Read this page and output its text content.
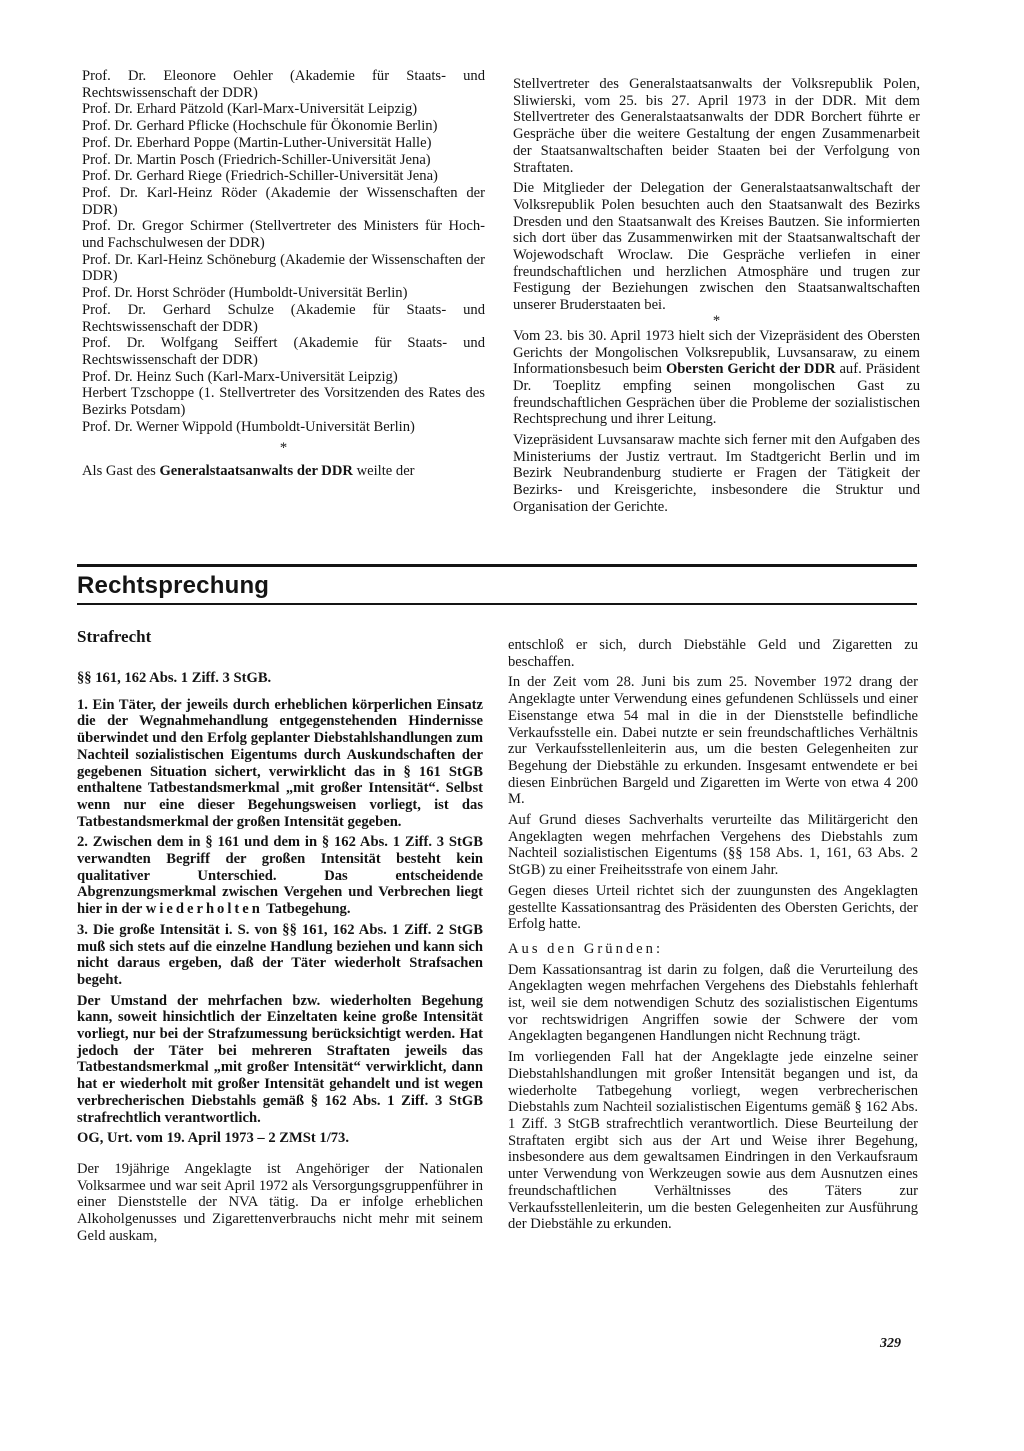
Prof. Dr. Eleonore Oehler (Akademie für Staats- und Rechtswissenschaft der DDR)

Prof. Dr. Erhard Pätzold (Karl-Marx-Universität Leipzig)

Prof. Dr. Gerhard Pflicke (Hochschule für Ökonomie Berlin)

Prof. Dr. Eberhard Poppe (Martin-Luther-Universität Halle)

Prof. Dr. Martin Posch (Friedrich-Schiller-Universität Jena)

Prof. Dr. Gerhard Riege (Friedrich-Schiller-Universität Jena)

Prof. Dr. Karl-Heinz Röder (Akademie der Wissenschaften der DDR)

Prof. Dr. Gregor Schirmer (Stellvertreter des Ministers für Hoch- und Fachschulwesen der DDR)

Prof. Dr. Karl-Heinz Schöneburg (Akademie der Wissenschaften der DDR)

Prof. Dr. Horst Schröder (Humboldt-Universität Berlin)

Prof. Dr. Gerhard Schulze (Akademie für Staats- und Rechtswissenschaft der DDR)

Prof. Dr. Wolfgang Seiffert (Akademie für Staats- und Rechtswissenschaft der DDR)

Prof. Dr. Heinz Such (Karl-Marx-Universität Leipzig)

Herbert Tzschoppe (1. Stellvertreter des Vorsitzenden des Rates des Bezirks Potsdam)

Prof. Dr. Werner Wippold (Humboldt-Universität Berlin)

*

Als Gast des Generalstaatsanwalts der DDR weilte der

Stellvertreter des Generalstaatsanwalts der Volksrepublik Polen, Sliwierski, vom 25. bis 27. April 1973 in der DDR. Mit dem Stellvertreter des Generalstaatsanwalts der DDR Borchert führte er Gespräche über die weitere Gestaltung der engen Zusammenarbeit der Staatsanwaltschaften beider Staaten bei der Verfolgung von Straftaten.

Die Mitglieder der Delegation der Generalstaatsanwaltschaft der Volksrepublik Polen besuchten auch den Staatsanwalt des Bezirks Dresden und den Staatsanwalt des Kreises Bautzen. Sie informierten sich dort über das Zusammenwirken mit der Staatsanwaltschaft der Wojewodschaft Wroclaw. Die Gespräche verliefen in einer freundschaftlichen und herzlichen Atmosphäre und trugen zur Festigung der Beziehungen zwischen den Staatsanwaltschaften unserer Bruderstaaten bei.

*

Vom 23. bis 30. April 1973 hielt sich der Vizepräsident des Obersten Gerichts der Mongolischen Volksrepublik, Luvsansaraw, zu einem Informationsbesuch beim Obersten Gericht der DDR auf. Präsident Dr. Toeplitz empfing seinen mongolischen Gast zu freundschaftlichen Gesprächen über die Probleme der sozialistischen Rechtsprechung und ihrer Leitung.

Vizepräsident Luvsansaraw machte sich ferner mit den Aufgaben des Ministeriums der Justiz vertraut. Im Stadtgericht Berlin und im Bezirk Neubrandenburg studierte er Fragen der Tätigkeit der Bezirks- und Kreisgerichte, insbesondere die Struktur und Organisation der Gerichte.

Rechtsprechung
Strafrecht

§§ 161, 162 Abs. 1 Ziff. 3 StGB.

1. Ein Täter, der jeweils durch erheblichen körperlichen Einsatz die der Wegnahmehandlung entgegenstehenden Hindernisse überwindet und den Erfolg geplanter Diebstahlshandlungen zum Nachteil sozialistischen Eigentums durch Auskundschaften der gegebenen Situation sichert, verwirklicht das in § 161 StGB enthaltene Tatbestandsmerkmal „mit großer Intensität“. Selbst wenn nur eine dieser Begehungsweisen vorliegt, ist das Tatbestandsmerkmal der großen Intensität gegeben.

2. Zwischen dem in § 161 und dem in § 162 Abs. 1 Ziff. 3 StGB verwandten Begriff der großen Intensität besteht kein qualitativer Unterschied. Das entscheidende Abgrenzungsmerkmal zwischen Vergehen und Verbrechen liegt hier in der wiederholten Tatbegehung.

3. Die große Intensität i. S. von §§ 161, 162 Abs. 1 Ziff. 2 StGB muß sich stets auf die einzelne Handlung beziehen und kann sich nicht daraus ergeben, daß der Täter wiederholt Strafsachen begeht.

Der Umstand der mehrfachen bzw. wiederholten Begehung kann, soweit hinsichtlich der Einzeltaten keine große Intensität vorliegt, nur bei der Strafzumessung berücksichtigt werden. Hat jedoch der Täter bei mehreren Straftaten jeweils das Tatbestandsmerkmal „mit großer Intensität“ verwirklicht, dann hat er wiederholt mit großer Intensität gehandelt und ist wegen verbrecherischen Diebstahls gemäß § 162 Abs. 1 Ziff. 3 StGB strafrechtlich verantwortlich.

OG, Urt. vom 19. April 1973 – 2 ZMSt 1/73.

Der 19jährige Angeklagte ist Angehöriger der Nationalen Volksarmee und war seit April 1972 als Versorgungsgruppenführer in einer Dienststelle der NVA tätig. Da er infolge erheblichen Alkoholgenusses und Zigarettenverbrauchs nicht mehr mit seinem Geld auskam,

entschloß er sich, durch Diebstähle Geld und Zigaretten zu beschaffen.

In der Zeit vom 28. Juni bis zum 25. November 1972 drang der Angeklagte unter Verwendung eines gefundenen Schlüssels und einer Eisenstange etwa 54 mal in die in der Dienststelle befindliche Verkaufsstelle ein. Dabei nutzte er sein freundschaftliches Verhältnis zur Verkaufsstellenleiterin aus, um die besten Gelegenheiten zur Begehung der Diebstähle zu erkunden. Insgesamt entwendete er bei diesen Einbrüchen Bargeld und Zigaretten im Werte von etwa 4 200 M.

Auf Grund dieses Sachverhalts verurteilte das Militärgericht den Angeklagten wegen mehrfachen Vergehens des Diebstahls zum Nachteil sozialistischen Eigentums (§§ 158 Abs. 1, 161, 63 Abs. 2 StGB) zu einer Freiheitsstrafe von einem Jahr.

Gegen dieses Urteil richtet sich der zuungunsten des Angeklagten gestellte Kassationsantrag des Präsidenten des Obersten Gerichts, der Erfolg hatte.

Aus den Gründen:

Dem Kassationsantrag ist darin zu folgen, daß die Verurteilung des Angeklagten wegen mehrfachen Vergehens des Diebstahls fehlerhaft ist, weil sie dem notwendigen Schutz des sozialistischen Eigentums vor rechtswidrigen Angriffen sowie der Schwere der vom Angeklagten begangenen Handlungen nicht Rechnung trägt.

Im vorliegenden Fall hat der Angeklagte jede einzelne seiner Diebstahlshandlungen mit großer Intensität begangen und ist, da wiederholte Tatbegehung vorliegt, wegen verbrecherischen Diebstahls zum Nachteil sozialistischen Eigentums gemäß § 162 Abs. 1 Ziff. 3 StGB strafrechtlich verantwortlich. Diese Beurteilung der Straftaten ergibt sich aus der Art und Weise ihrer Begehung, insbesondere aus dem gewaltsamen Eindringen in den Verkaufsraum unter Verwendung von Werkzeugen sowie aus dem Ausnutzen eines freundschaftlichen Verhältnisses des Täters zur Verkaufsstellenleiterin, um die besten Gelegenheiten zur Ausführung der Diebstähle zu erkunden.

329
